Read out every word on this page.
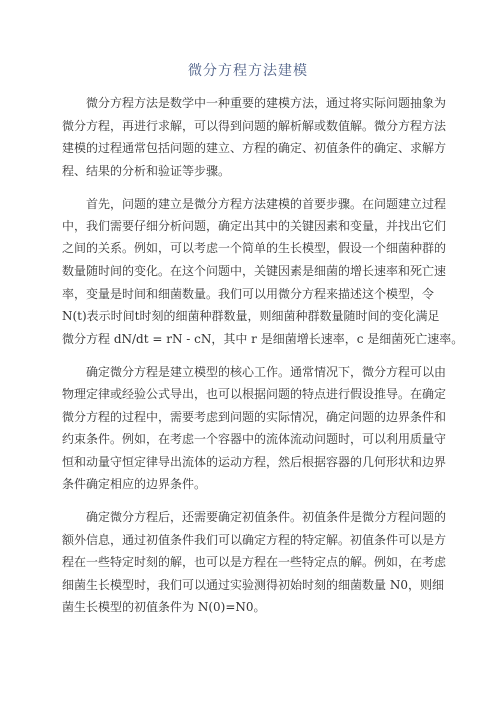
微分方程方法建模
微分方程方法是数学中一种重要的建模方法，通过将实际问题抽象为
微分方程，再进行求解，可以得到问题的解析解或数值解。微分方程方法
建模的过程通常包括问题的建立、方程的确定、初值条件的确定、求解方
程、结果的分析和验证等步骤。
首先，问题的建立是微分方程方法建模的首要步骤。在问题建立过程
中，我们需要仔细分析问题，确定出其中的关键因素和变量，并找出它们
之间的关系。例如，可以考虑一个简单的生长模型，假设一个细菌种群的
数量随时间的变化。在这个问题中，关键因素是细菌的增长速率和死亡速
率，变量是时间和细菌数量。我们可以用微分方程来描述这个模型，令
N(t)表示时间t时刻的细菌种群数量，则细菌种群数量随时间的变化满足
微分方程 dN/dt = rN - cN，其中 r 是细菌增长速率，c 是细菌死亡速率。
确定微分方程是建立模型的核心工作。通常情况下，微分方程可以由
物理定律或经验公式导出，也可以根据问题的特点进行假设推导。在确定
微分方程的过程中，需要考虑到问题的实际情况，确定问题的边界条件和
约束条件。例如，在考虑一个容器中的流体流动问题时，可以利用质量守
恒和动量守恒定律导出流体的运动方程，然后根据容器的几何形状和边界
条件确定相应的边界条件。
确定微分方程后，还需要确定初值条件。初值条件是微分方程问题的
额外信息，通过初值条件我们可以确定方程的特定解。初值条件可以是方
程在一些特定时刻的解，也可以是方程在一些特定点的解。例如，在考虑
细菌生长模型时，我们可以通过实验测得初始时刻的细菌数量 N0，则细
菌生长模型的初值条件为 N(0)=N0。
